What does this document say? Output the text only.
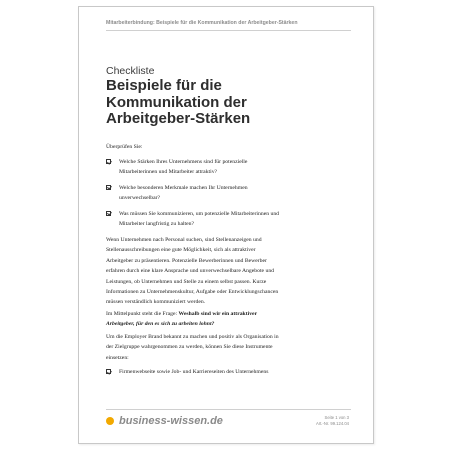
Mitarbeiterbindung: Beispiele für die Kommunikation der Arbeitgeber-Stärken
Checkliste
Beispiele für die
Kommunikation der
Arbeitgeber-Stärken
Überprüfen Sie:
Welche Stärken Ihres Unternehmens sind für potenzielle
Mitarbeiterinnen und Mitarbeiter attraktiv?
Welche besonderen Merkmale machen Ihr Unternehmen
unverwechselbar?
Was müssen Sie kommunizieren, um potenzielle Mitarbeiterinnen und
Mitarbeiter langfristig zu halten?
Wenn Unternehmen nach Personal suchen, sind Stellenanzeigen und
Stellenausschreibungen eine gute Möglichkeit, sich als attraktiver
Arbeitgeber zu präsentieren. Potenzielle Bewerberinnen und Bewerber
erfahren durch eine klare Ansprache und unverwechselbare Angebote und
Leistungen, ob Unternehmen und Stelle zu einem selbst passen. Kurze
Informationen zu Unternehmenskultur, Aufgabe oder Entwicklungschancen
müssen verständlich kommuniziert werden.
Im Mittelpunkt steht die Frage: Weshalb sind wir ein attraktiver
Arbeitgeber, für den es sich zu arbeiten lohnt?
Um die Employer Brand bekannt zu machen und positiv als Organisation in
der Zielgruppe wahrgenommen zu werden, können Sie diese Instrumente
einsetzen:
Firmenwebseite sowie Job- und Karriereseiten des Unternehmens
business-wissen.de	Seite 1 von 3
Art.-Nr. 99.124.04
